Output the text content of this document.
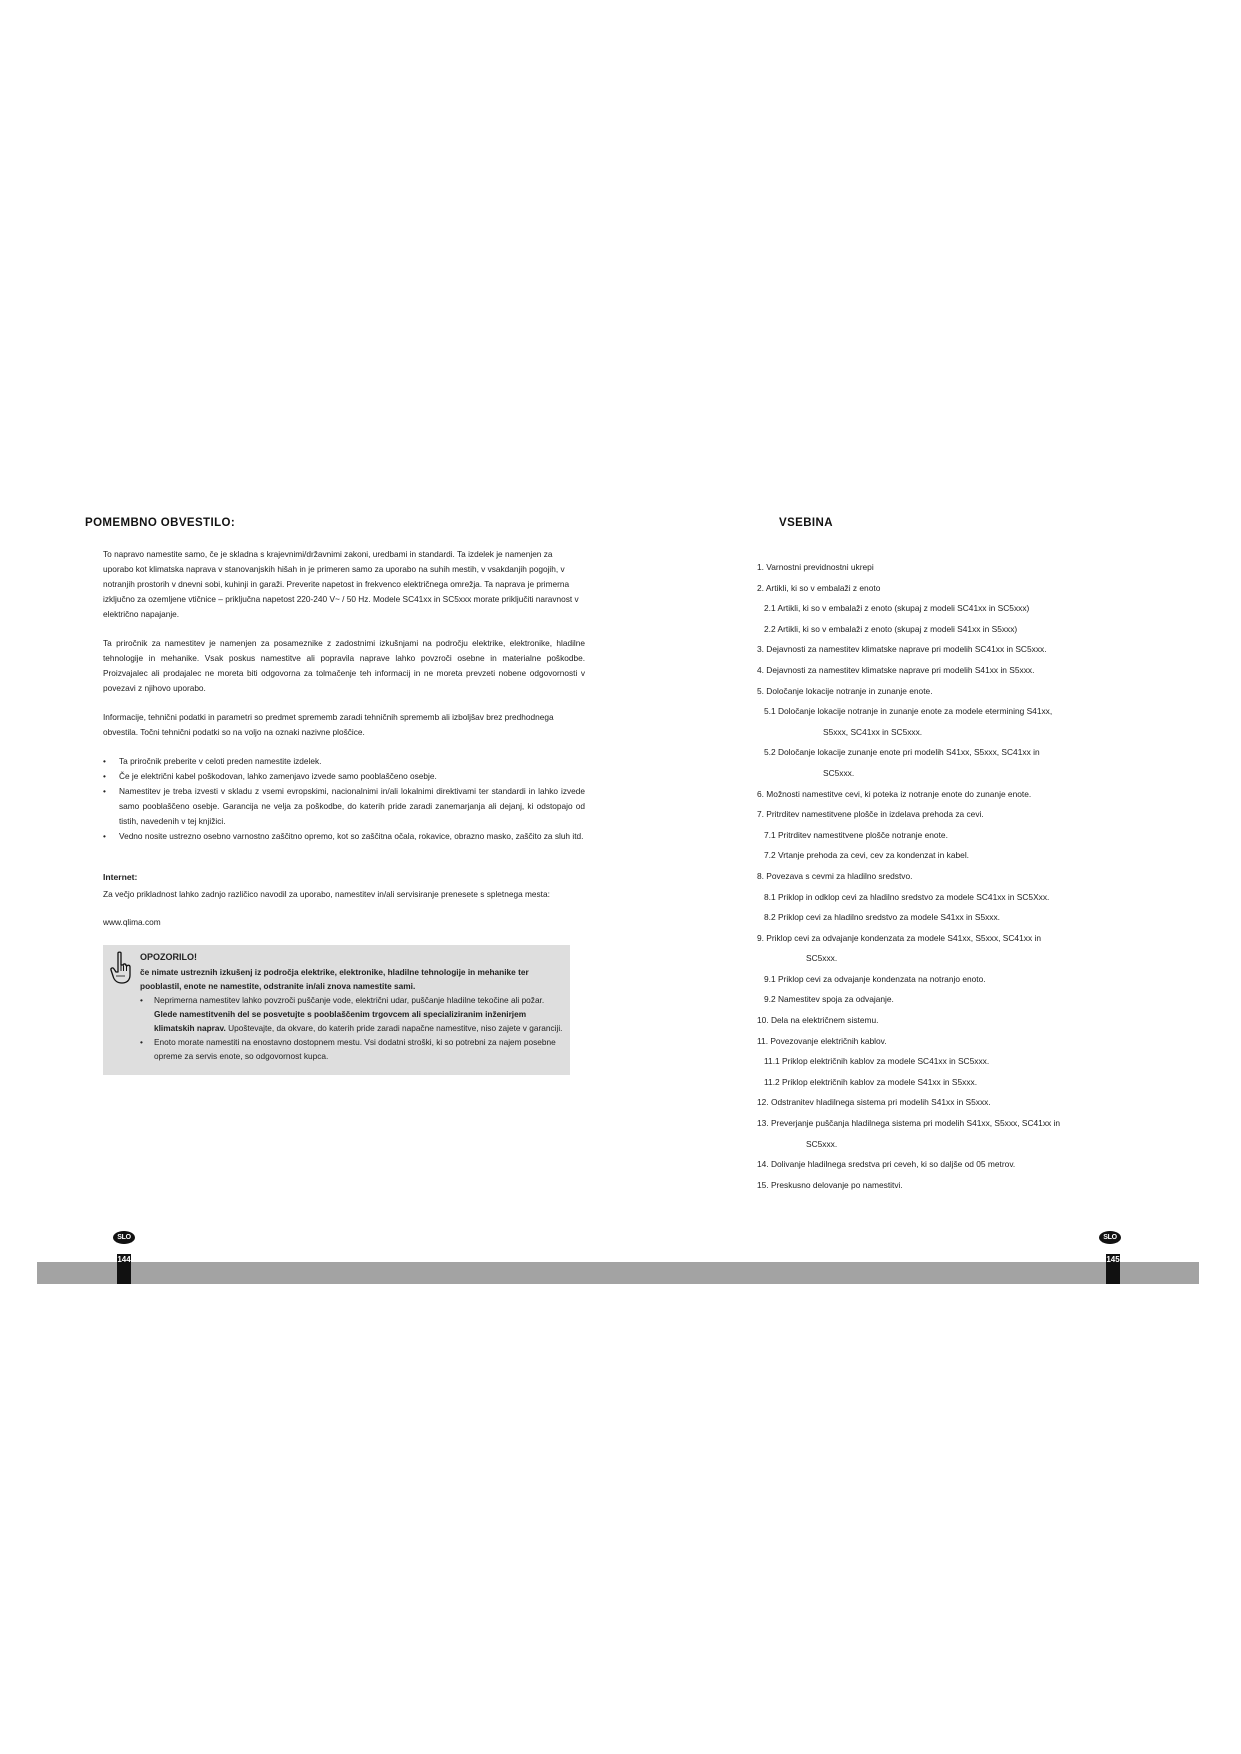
POMEMBNO OBVESTILO:

To napravo namestite samo, če je skladna s krajevnimi/državnimi zakoni, uredbami in standardi. Ta izdelek je namenjen za uporabo kot klimatska naprava v stanovanjskih hišah in je primeren samo za uporabo na suhih mestih, v vsakdanjih pogojih, v notranjih prostorih v dnevni sobi, kuhinji in garaži. Preverite napetost in frekvenco električnega omrežja. Ta naprava je primerna izključno za ozemljene vtičnice – priključna napetost 220-240 V~ / 50 Hz. Modele SC41xx in SC5xxx morate priključiti naravnost v električno napajanje.

Ta priročnik za namestitev je namenjen za posameznike z zadostnimi izkušnjami na področju elektrike, elektronike, hladilne tehnologije in mehanike. Vsak poskus namestitve ali popravila naprave lahko povzroči osebne in materialne poškodbe. Proizvajalec ali prodajalec ne moreta biti odgovorna za tolmačenje teh informacij in ne moreta prevzeti nobene odgovornosti v povezavi z njihovo uporabo.

Informacije, tehnični podatki in parametri so predmet sprememb zaradi tehničnih sprememb ali izboljšav brez predhodnega obvestila. Točni tehnični podatki so na voljo na oznaki nazivne ploščice.

• Ta priročnik preberite v celoti preden namestite izdelek.
• Če je električni kabel poškodovan, lahko zamenjavo izvede samo pooblaščeno osebje.
• Namestitev je treba izvesti v skladu z vsemi evropskimi, nacionalnimi in/ali lokalnimi direktivami ter standardi in lahko izvede samo pooblaščeno osebje. Garancija ne velja za poškodbe, do katerih pride zaradi zanemarjanja ali dejanj, ki odstopajo od tistih, navedenih v tej knjižici.
• Vedno nosite ustrezno osebno varnostno zaščitno opremo, kot so zaščitna očala, rokavice, obrazno masko, zaščito za sluh itd.
Internet:

Za večjo prikladnost lahko zadnjo različico navodil za uporabo, namestitev in/ali servisiranje prenesete s spletnega mesta:

www.qlima.com
OPOZORILO!
če nimate ustreznih izkušenj iz področja elektrike, elektronike, hladilne tehnologije in mehanike ter pooblastil, enote ne namestite, odstranite in/ali znova namestite sami.
• Neprimerna namestitev lahko povzroči puščanje vode, električni udar, puščanje hladilne tekočine ali požar. Glede namestitvenih del se posvetujte s pooblaščenim trgovcem ali specializiranim inženirjem klimatskih naprav. Upoštevajte, da okvare, do katerih pride zaradi napačne namestitve, niso zajete v garanciji.
• Enoto morate namestiti na enostavno dostopnem mestu. Vsi dodatni stroški, ki so potrebni za najem posebne opreme za servis enote, so odgovornost kupca.
VSEBINA
1. Varnostni previdnostni ukrepi
2. Artikli, ki so v embalaži z enoto
2.1 Artikli, ki so v embalaži z enoto (skupaj z modeli SC41xx in SC5xxx)
2.2 Artikli, ki so v embalaži z enoto (skupaj z modeli S41xx in S5xxx)
3. Dejavnosti za namestitev klimatske naprave pri modelih SC41xx in SC5xxx.
4. Dejavnosti za namestitev klimatske naprave pri modelih S41xx in S5xxx.
5. Določanje lokacije notranje in zunanje enote.
5.1 Določanje lokacije notranje in zunanje enote za modele etermining S41xx,
S5xxx, SC41xx in SC5xxx.
5.2 Določanje lokacije zunanje enote pri modelih S41xx, S5xxx, SC41xx in
SC5xxx.
6. Možnosti namestitve cevi, ki poteka iz notranje enote do zunanje enote.
7. Pritrditev namestitvene plošče in izdelava prehoda za cevi.
7.1 Pritrditev namestitvene plošče notranje enote.
7.2 Vrtanje prehoda za cevi, cev za kondenzat in kabel.
8. Povezava s cevmi za hladilno sredstvo.
8.1 Priklop in odklop cevi za hladilno sredstvo za modele SC41xx in SC5Xxx.
8.2 Priklop cevi za hladilno sredstvo za modele S41xx in S5xxx.
9. Priklop cevi za odvajanje kondenzata za modele S41xx, S5xxx, SC41xx in
SC5xxx.
9.1 Priklop cevi za odvajanje kondenzata na notranjo enoto.
9.2 Namestitev spoja za odvajanje.
10. Dela na električnem sistemu.
11. Povezovanje električnih kablov.
11.1 Priklop električnih kablov za modele SC41xx in SC5xxx.
11.2 Priklop električnih kablov za modele S41xx in S5xxx.
12. Odstranitev hladilnega sistema pri modelih S41xx in S5xxx.
13. Preverjanje puščanja hladilnega sistema pri modelih S41xx, S5xxx, SC41xx in
SC5xxx.
14. Dolivanje hladilnega sredstva pri ceveh, ki so daljše od 05 metrov.
15. Preskusno delovanje po namestitvi.
SLO	SLO
144	145
